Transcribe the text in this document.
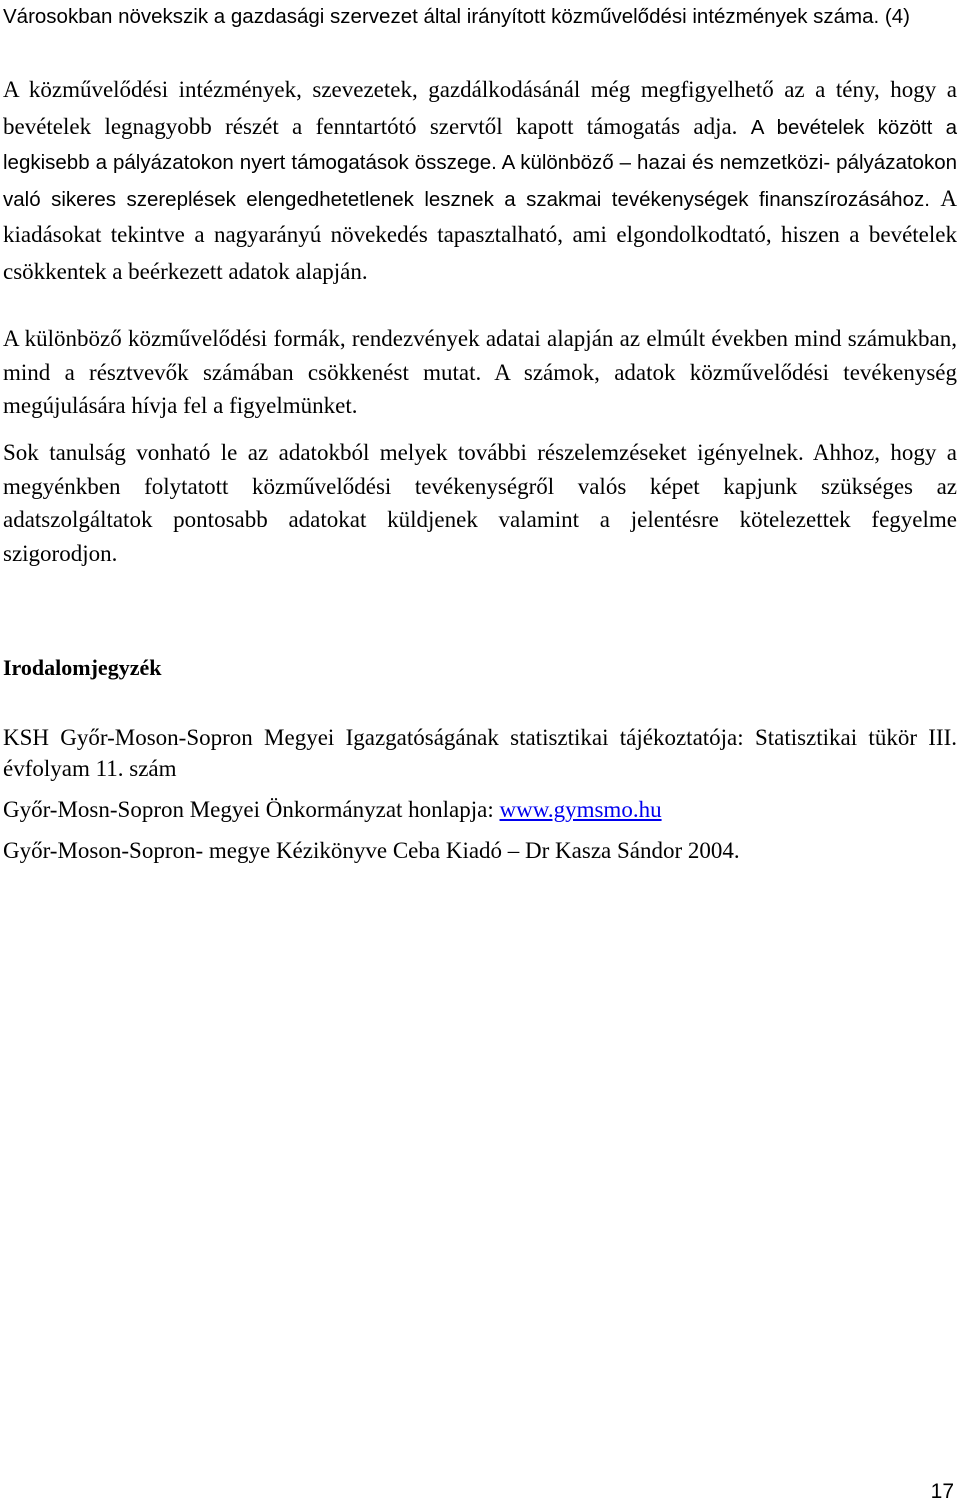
Városokban növekszik a gazdasági szervezet által irányított közművelődési intézmények száma. (4)

A közművelődési intézmények, szevezetek, gazdálkodásánál még megfigyelhető az a tény, hogy a bevételek legnagyobb részét a fenntartótó szervtől kapott támogatás adja. A bevételek között a legkisebb a pályázatokon nyert támogatások összege. A különböző – hazai és nemzetközi- pályázatokon való sikeres szereplések elengedhetetlenek lesznek a szakmai tevékenységek finanszírozásához. A kiadásokat tekintve a nagyarányú növekedés tapasztalható, ami elgondolkodtató, hiszen a bevételek csökkentek a beérkezett adatok alapján.

A különböző közművelődési formák, rendezvények adatai alapján az elmúlt években mind számukban, mind a résztvevők számában csökkenést mutat. A számok, adatok közművelődési tevékenység megújulására hívja fel a figyelmünket.

Sok tanulság vonható le az adatokból melyek további részelemzéseket igényelnek. Ahhoz, hogy a megyénkben folytatott közművelődési tevékenységről valós képet kapjunk szükséges az adatszolgáltatok pontosabb adatokat küldjenek valamint a jelentésre kötelezettek fegyelme szigorodjon.

Irodalomjegyzék

KSH Győr-Moson-Sopron Megyei Igazgatóságának statisztikai tájékoztatója: Statisztikai tükör III. évfolyam 11. szám

Győr-Mosn-Sopron Megyei Önkormányzat honlapja: www.gymsmo.hu

Győr-Moson-Sopron- megye Kézikönyve Ceba Kiadó – Dr Kasza Sándor 2004.

17
